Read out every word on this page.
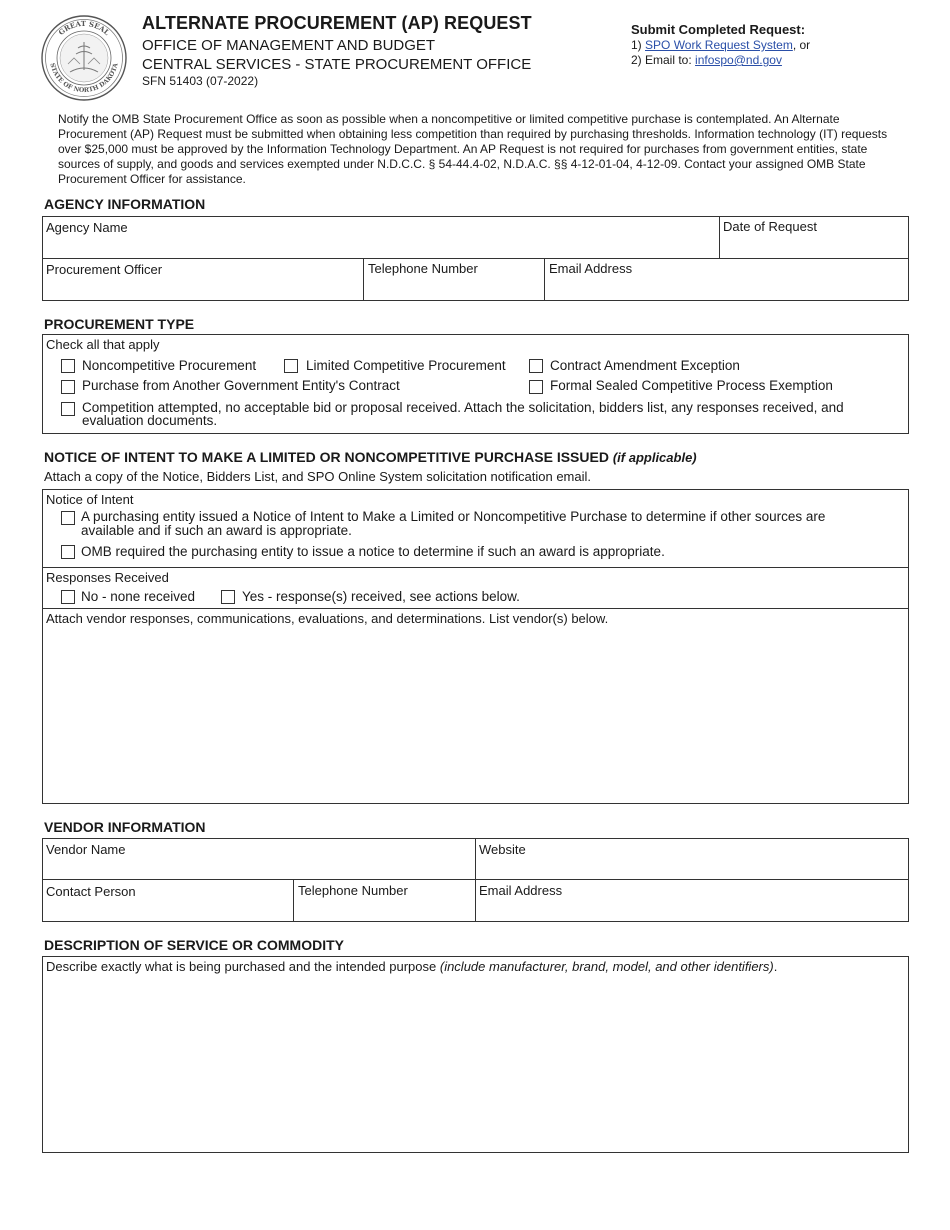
GREAT SEAL
STATE OF NORTH DAKOTA
ALTERNATE PROCUREMENT (AP) REQUEST
OFFICE OF MANAGEMENT AND BUDGET
CENTRAL SERVICES - STATE PROCUREMENT OFFICE
SFN 51403 (07-2022)
Submit Completed Request:
1) SPO Work Request System, or
2) Email to: infospo@nd.gov
Notify the OMB State Procurement Office as soon as possible when a noncompetitive or limited competitive purchase is contemplated. An Alternate Procurement (AP) Request must be submitted when obtaining less competition than required by purchasing thresholds. Information technology (IT) requests over $25,000 must be approved by the Information Technology Department. An AP Request is not required for purchases from government entities, state sources of supply, and goods and services exempted under N.D.C.C. § 54-44.4-02, N.D.A.C. §§ 4-12-01-04, 4-12-09. Contact your assigned OMB State Procurement Officer for assistance.
AGENCY INFORMATION
Agency Name	Date of Request
Procurement Officer	Telephone Number	Email Address
PROCUREMENT TYPE
Check all that apply
Noncompetitive Procurement	Limited Competitive Procurement	Contract Amendment Exception
Purchase from Another Government Entity's Contract	Formal Sealed Competitive Process Exemption
Competition attempted, no acceptable bid or proposal received. Attach the solicitation, bidders list, any responses received, and
evaluation documents.
NOTICE OF INTENT TO MAKE A LIMITED OR NONCOMPETITIVE PURCHASE ISSUED (if applicable)
Attach a copy of the Notice, Bidders List, and SPO Online System solicitation notification email.
Notice of Intent
A purchasing entity issued a Notice of Intent to Make a Limited or Noncompetitive Purchase to determine if other sources are
available and if such an award is appropriate.
OMB required the purchasing entity to issue a notice to determine if such an award is appropriate.
Responses Received
No - none received	Yes - response(s) received, see actions below.
Attach vendor responses, communications, evaluations, and determinations. List vendor(s) below.
VENDOR INFORMATION
Vendor Name	Website
Contact Person	Telephone Number	Email Address
DESCRIPTION OF SERVICE OR COMMODITY
Describe exactly what is being purchased and the intended purpose (include manufacturer, brand, model, and other identifiers).
